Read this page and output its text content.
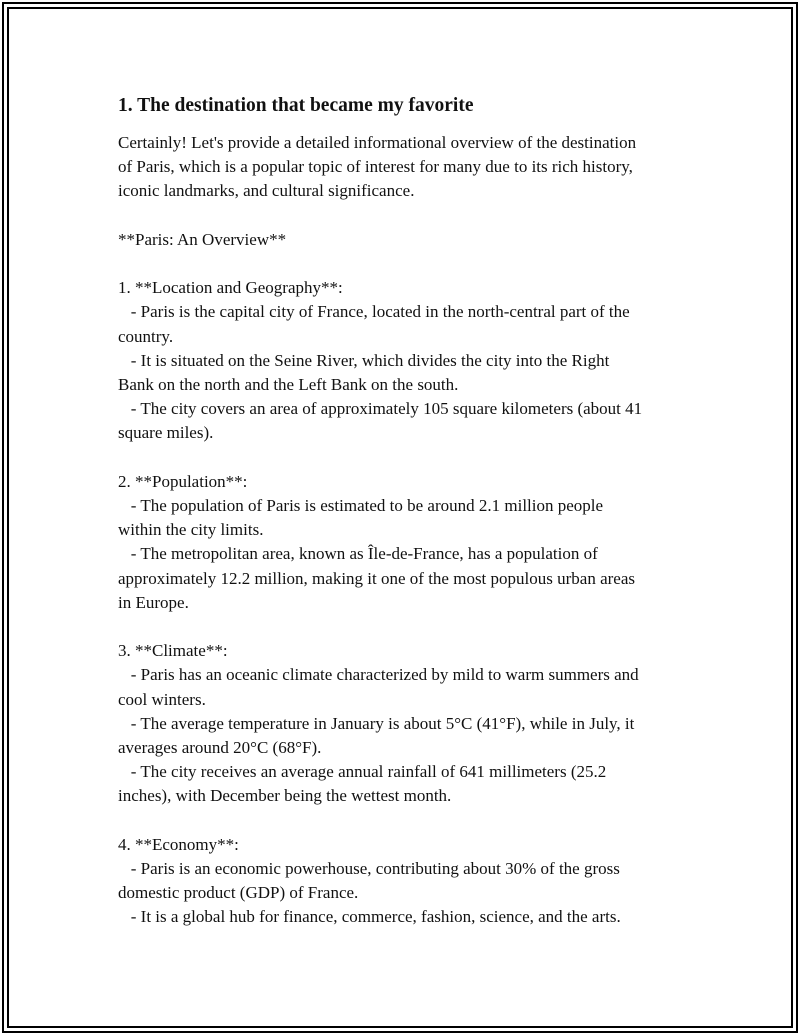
1. The destination that became my favorite
Certainly! Let's provide a detailed informational overview of the destination
of Paris, which is a popular topic of interest for many due to its rich history,
iconic landmarks, and cultural significance.
**Paris: An Overview**
1. **Location and Geography**:
- Paris is the capital city of France, located in the north-central part of the
country.
- It is situated on the Seine River, which divides the city into the Right
Bank on the north and the Left Bank on the south.
- The city covers an area of approximately 105 square kilometers (about 41
square miles).
2. **Population**:
- The population of Paris is estimated to be around 2.1 million people
within the city limits.
- The metropolitan area, known as Île-de-France, has a population of
approximately 12.2 million, making it one of the most populous urban areas
in Europe.
3. **Climate**:
- Paris has an oceanic climate characterized by mild to warm summers and
cool winters.
- The average temperature in January is about 5°C (41°F), while in July, it
averages around 20°C (68°F).
- The city receives an average annual rainfall of 641 millimeters (25.2
inches), with December being the wettest month.
4. **Economy**:
- Paris is an economic powerhouse, contributing about 30% of the gross
domestic product (GDP) of France.
- It is a global hub for finance, commerce, fashion, science, and the arts.
